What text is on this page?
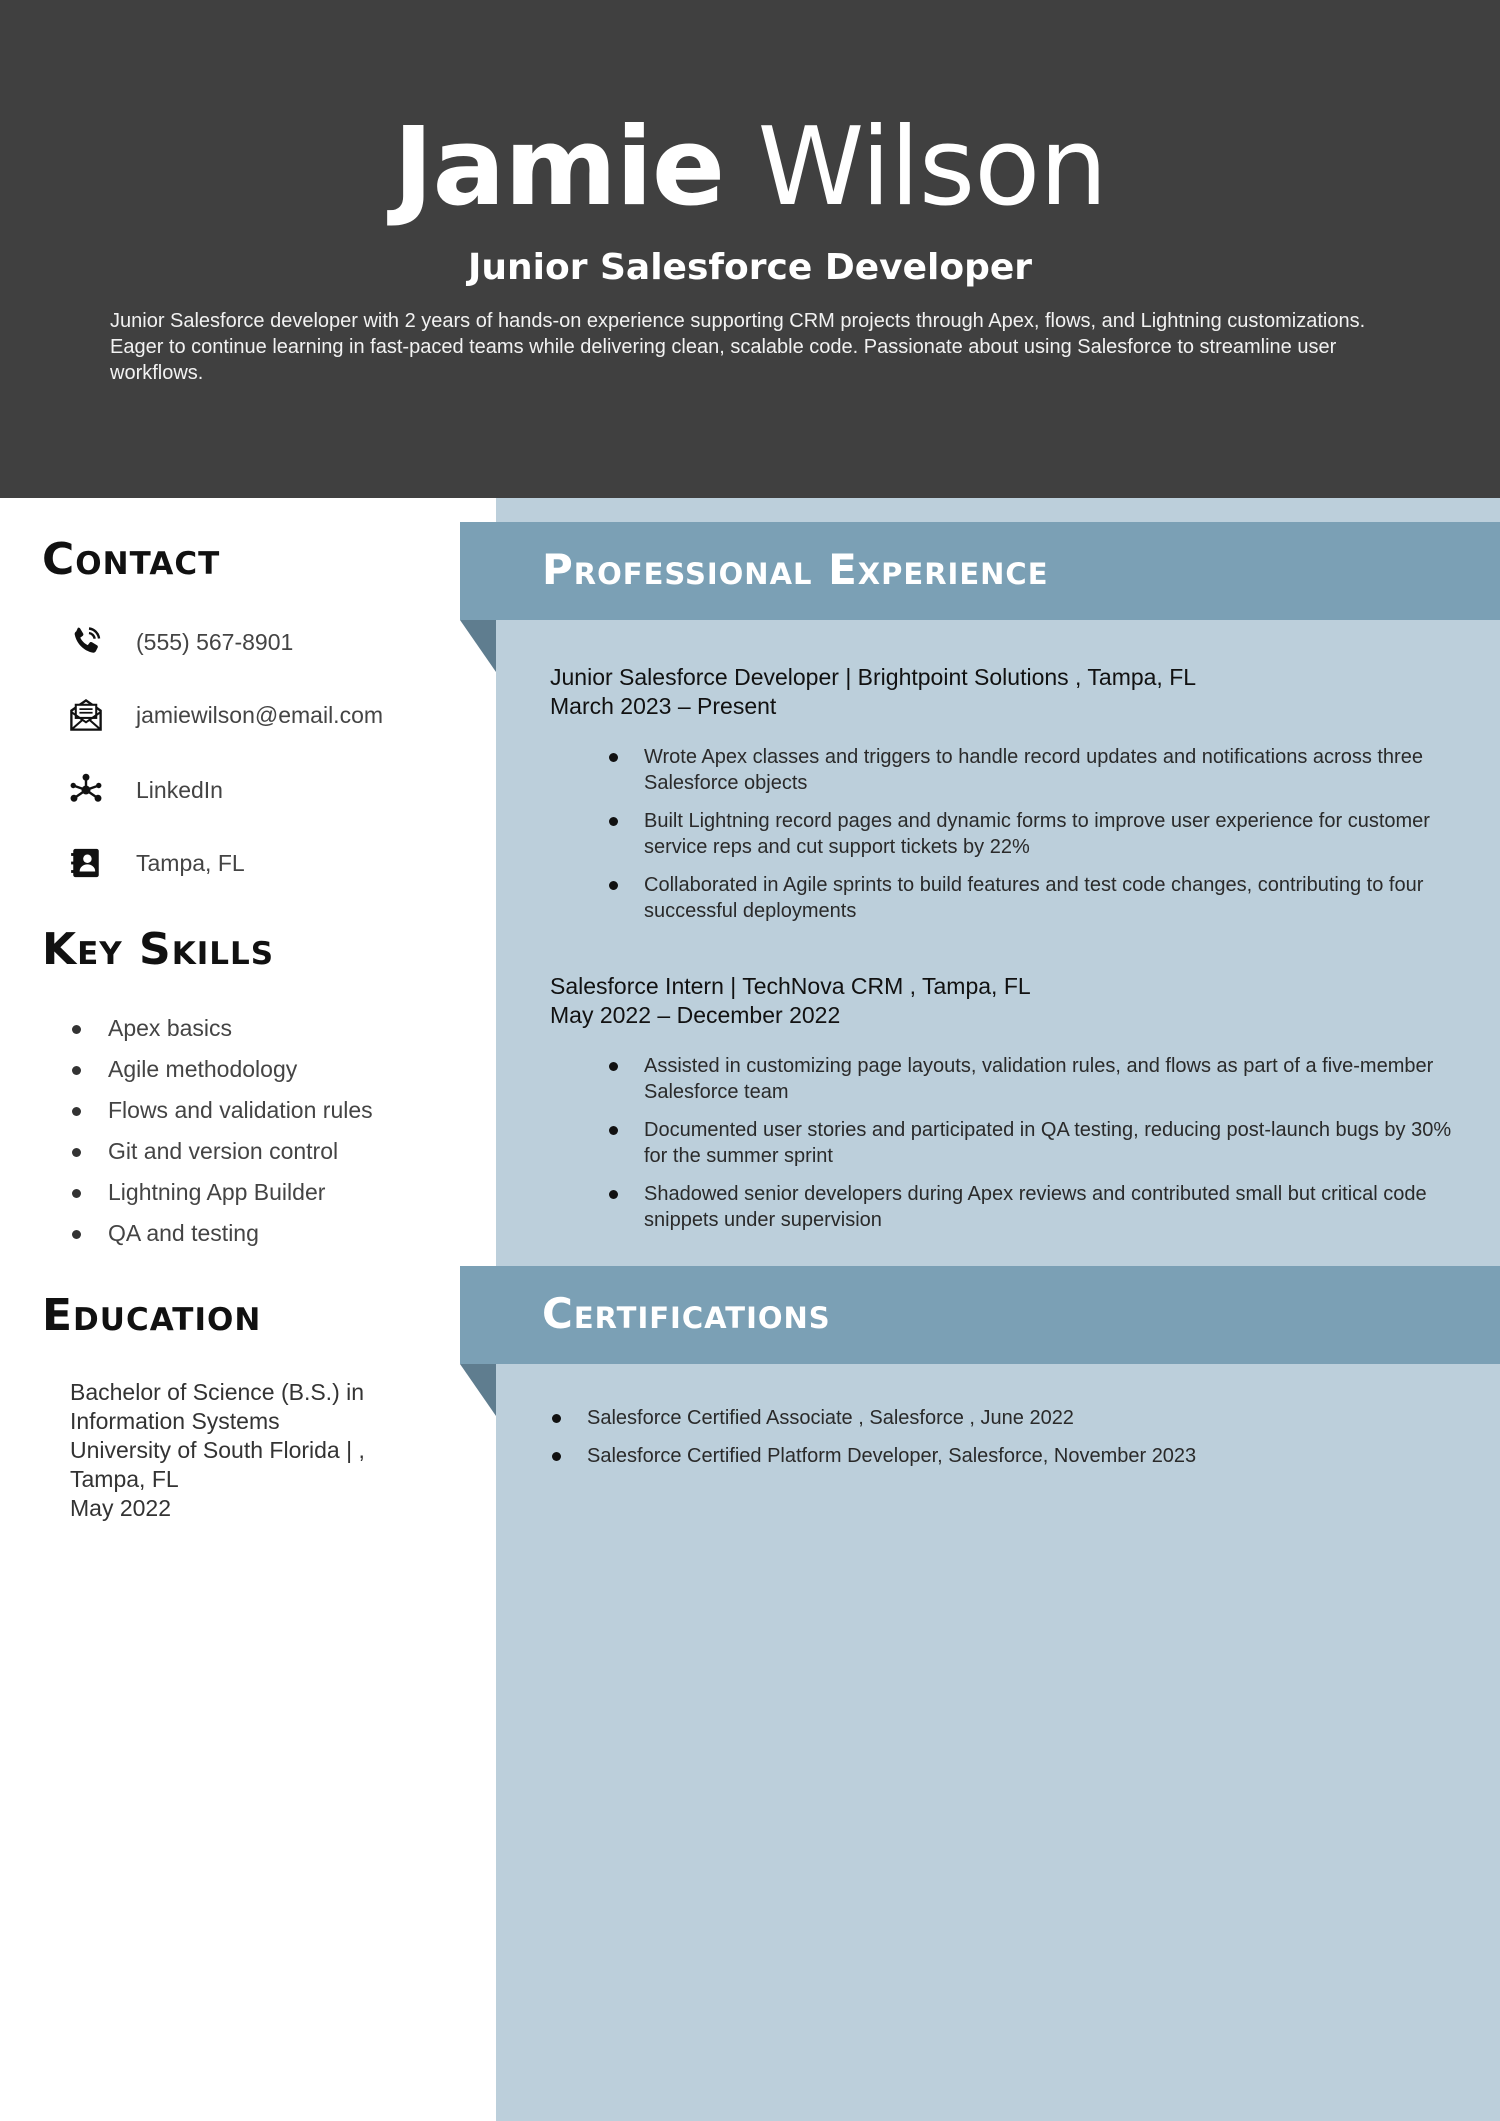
Jamie Wilson
Junior Salesforce Developer
Junior Salesforce developer with 2 years of hands-on experience supporting CRM projects through Apex, flows, and Lightning customizations. Eager to continue learning in fast-paced teams while delivering clean, scalable code. Passionate about using Salesforce to streamline user workflows.
Contact
(555) 567-8901
jamiewilson@email.com
LinkedIn
Tampa, FL
Key Skills
Apex basics
Agile methodology
Flows and validation rules
Git and version control
Lightning App Builder
QA and testing
Education
Bachelor of Science (B.S.) in Information Systems
University of South Florida | , Tampa, FL
May 2022
Professional Experience
Junior Salesforce Developer | Brightpoint Solutions , Tampa, FL
March 2023 – Present
Wrote Apex classes and triggers to handle record updates and notifications across three Salesforce objects
Built Lightning record pages and dynamic forms to improve user experience for customer service reps and cut support tickets by 22%
Collaborated in Agile sprints to build features and test code changes, contributing to four successful deployments
Salesforce Intern | TechNova CRM , Tampa, FL
May 2022 – December 2022
Assisted in customizing page layouts, validation rules, and flows as part of a five-member Salesforce team
Documented user stories and participated in QA testing, reducing post-launch bugs by 30% for the summer sprint
Shadowed senior developers during Apex reviews and contributed small but critical code snippets under supervision
Certifications
Salesforce Certified Associate , Salesforce , June 2022
Salesforce Certified Platform Developer, Salesforce, November 2023
